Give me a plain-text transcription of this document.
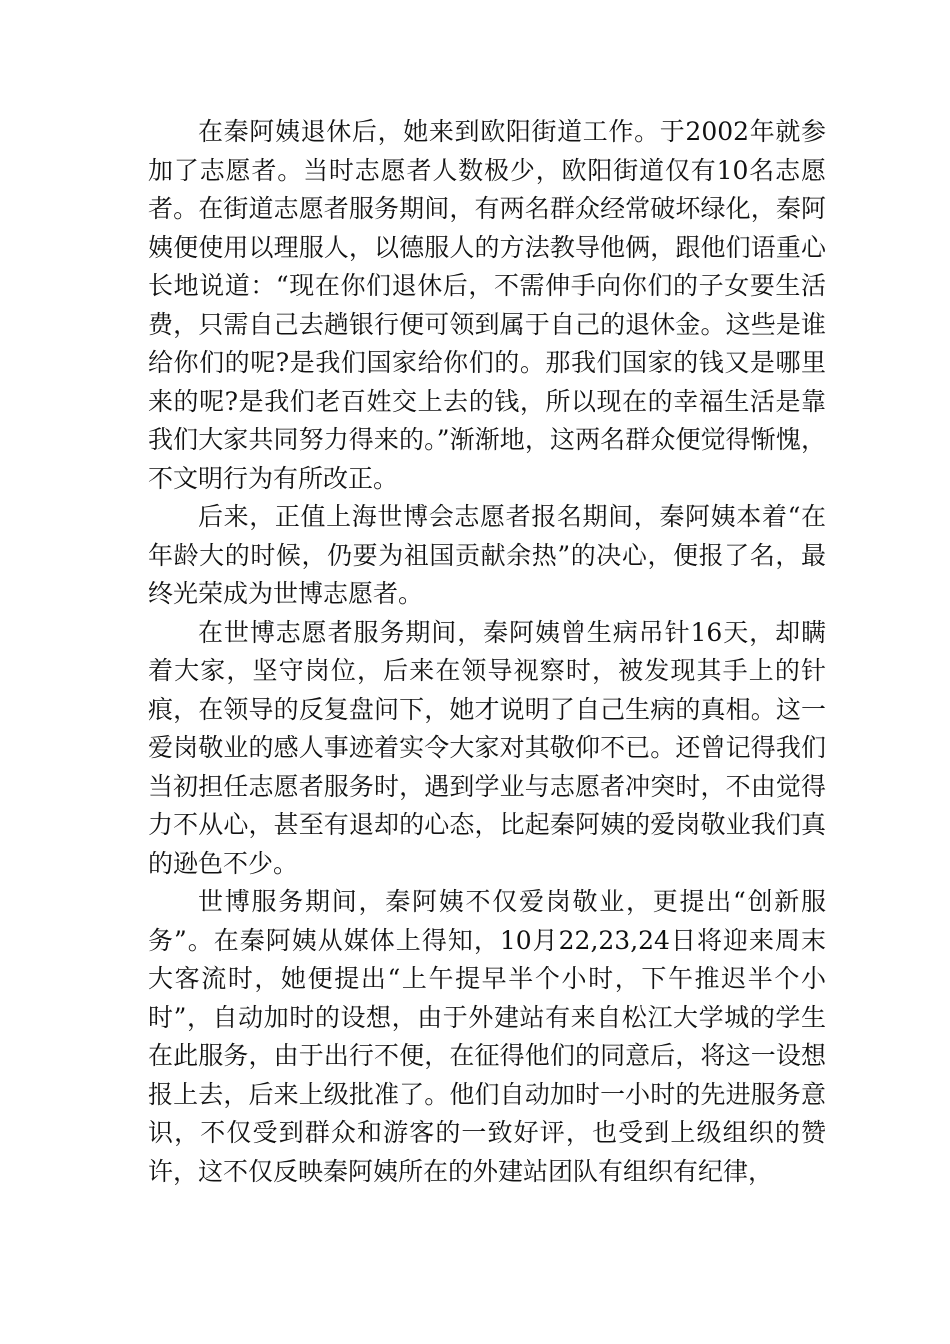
在秦阿姨退休后，她来到欧阳街道工作。于2002年就参加了志愿者。当时志愿者人数极少，欧阳街道仅有10名志愿者。在街道志愿者服务期间，有两名群众经常破坏绿化，秦阿姨便使用以理服人，以德服人的方法教导他俩，跟他们语重心长地说道：“现在你们退休后，不需伸手向你们的子女要生活费，只需自己去趟银行便可领到属于自己的退休金。这些是谁给你们的呢?是我们国家给你们的。那我们国家的钱又是哪里来的呢?是我们老百姓交上去的钱，所以现在的幸福生活是靠我们大家共同努力得来的。”渐渐地，这两名群众便觉得惭愧，不文明行为有所改正。

后来，正值上海世博会志愿者报名期间，秦阿姨本着“在年龄大的时候，仍要为祖国贡献余热”的决心，便报了名，最终光荣成为世博志愿者。

在世博志愿者服务期间，秦阿姨曾生病吊针16天，却瞒着大家，坚守岗位，后来在领导视察时，被发现其手上的针痕，在领导的反复盘问下，她才说明了自己生病的真相。这一爱岗敬业的感人事迹着实令大家对其敬仰不已。还曾记得我们当初担任志愿者服务时，遇到学业与志愿者冲突时，不由觉得力不从心，甚至有退却的心态，比起秦阿姨的爱岗敬业我们真的逊色不少。

世博服务期间，秦阿姨不仅爱岗敬业，更提出“创新服务”。在秦阿姨从媒体上得知，10月22,23,24日将迎来周末大客流时，她便提出“上午提早半个小时，下午推迟半个小时”，自动加时的设想，由于外建站有来自松江大学城的学生在此服务，由于出行不便，在征得他们的同意后，将这一设想报上去，后来上级批准了。他们自动加时一小时的先进服务意识，不仅受到群众和游客的一致好评，也受到上级组织的赞许，这不仅反映秦阿姨所在的外建站团队有组织有纪律，
